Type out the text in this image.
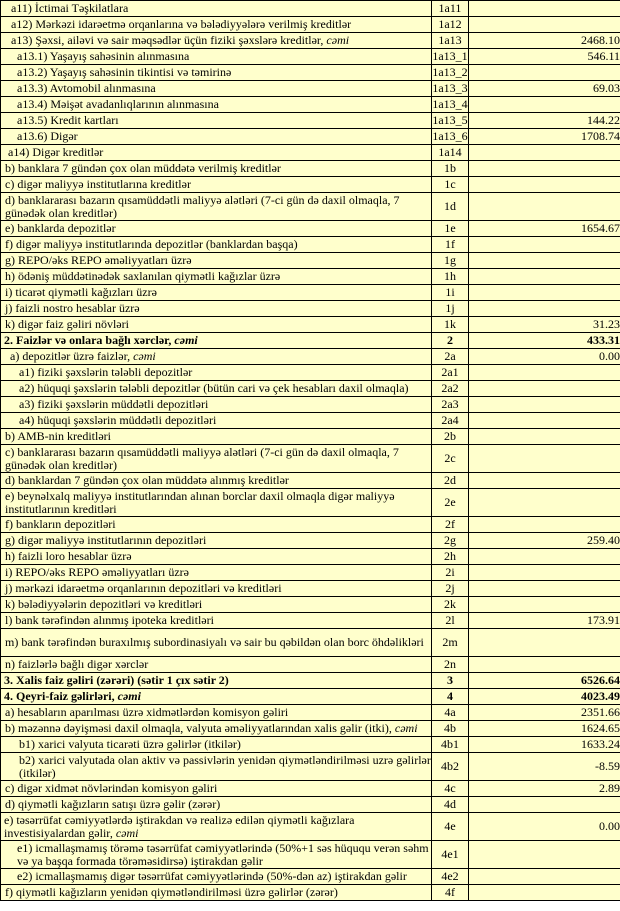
a11) İctimai Təşkilatlara	1a11	
a12) Mərkəzi idarəetmə orqanlarına və bələdiyyələrə verilmiş kreditlər	1a12	
a13) Şəxsi, ailəvi və sair məqsədlər üçün fiziki şəxslərə kreditlər, cəmi	1a13	2468.10
a13.1) Yaşayış sahəsinin alınmasına	1a13_1	546.11
a13.2) Yaşayış sahəsinin tikintisi və təmirinə	1a13_2	
a13.3) Avtomobil alınmasına	1a13_3	69.03
a13.4) Məişət avadanlıqlarının alınmasına	1a13_4	
a13.5) Kredit kartları	1a13_5	144.22
a13.6) Digər	1a13_6	1708.74
a14) Digər kreditlər	1a14	
b) banklara 7 gündən çox olan müddətə verilmiş kreditlər	1b	
c) digər maliyyə institutlarına kreditlər	1c	
d) banklararası bazarın qısamüddətli maliyyə alətləri (7-ci gün də daxil olmaqla, 7 günədək olan kreditlər)	1d	
e) banklarda depozitlər	1e	1654.67
f) digər maliyyə institutlarında depozitlər (banklardan başqa)	1f	
g) REPO/əks REPO əməliyyatları üzrə	1g	
h) ödəniş müddətinədək saxlanılan qiymətli kağızlar üzrə	1h	
i) ticarət qiymətli kağızları üzrə	1i	
j) faizli nostro hesablar üzrə	1j	
k) digər faiz gəliri növləri	1k	31.23
2. Faizlər və onlara bağlı xərclər, cəmi	2	433.31
a) depozitlər üzrə faizlər, cəmi	2a	0.00
a1) fiziki şəxslərin tələbli depozitlər	2a1	
a2) hüquqi şəxslərin tələbli depozitlər (bütün cari və çek hesabları daxil olmaqla)	2a2	
a3) fiziki şəxslərin müddətli depozitləri	2a3	
a4) hüquqi şəxslərin müddətli depozitləri	2a4	
b) AMB-nin kreditləri	2b	
c) banklararası bazarın qısamüddətli maliyyə alətləri (7-ci gün də daxil olmaqla, 7 günədək olan kreditlər)	2c	
d) banklardan 7 gündən çox olan müddətə alınmış kreditlər	2d	
e) beynəlxalq maliyyə institutlarından alınan borclar daxil olmaqla digər maliyyə institutlarının kreditləri	2e	
f) bankların depozitləri	2f	
g) digər maliyyə institutlarının depozitləri	2g	259.40
h) faizli loro hesablar üzrə	2h	
i) REPO/əks REPO əməliyyatları üzrə	2i	
j) mərkəzi idarəetmə orqanlarının depozitləri və kreditləri	2j	
k) bələdiyyələrin depozitləri və kreditləri	2k	
l) bank tərəfindən alınmış ipoteka kreditləri	2l	173.91
m) bank tərəfindən buraxılmış subordinasiyalı və sair bu qəbildən olan borc öhdəlikləri	2m	
n) faizlərlə bağlı digər xərclər	2n	
3. Xalis faiz gəliri (zərəri) (sətir 1 çıx sətir 2)	3	6526.64
4. Qeyri-faiz gəlirləri, cəmi	4	4023.49
a) hesabların aparılması üzrə xidmətlərdən komisyon gəliri	4a	2351.66
b) məzənnə dəyişməsi daxil olmaqla, valyuta əməliyyatlarından xalis gəlir (itki), cəmi	4b	1624.65
b1) xarici valyuta ticarəti üzrə gəlirlər (itkilər)	4b1	1633.24
b2) xarici valyutada olan aktiv və passivlərin yenidən qiymətləndirilməsi uzrə gəlirlər (itkilər)	4b2	-8.59
c) digər xidmət növlərindən komisyon gəliri	4c	2.89
d) qiymətli kağızların satışı üzrə gəlir (zərər)	4d	
e) təsərrüfat cəmiyyətlərdə iştirakdan və realizə edilən qiymətli kağızlara investisiyalardan gəlir, cəmi	4e	0.00
e1) icmallaşmamış törəmə təsərrüfat cəmiyyətlərində (50%+1 səs hüququ verən səhm və ya başqa formada törəməsidirsə) iştirakdan gəlir	4e1	
e2) icmallaşmamış digər təsərrüfat cəmiyyətlərində (50%-dən az) iştirakdan gəlir	4e2	
f) qiymətli kağızların yenidən qiymətləndirilməsi üzrə gəlirlər (zərər)	4f	
